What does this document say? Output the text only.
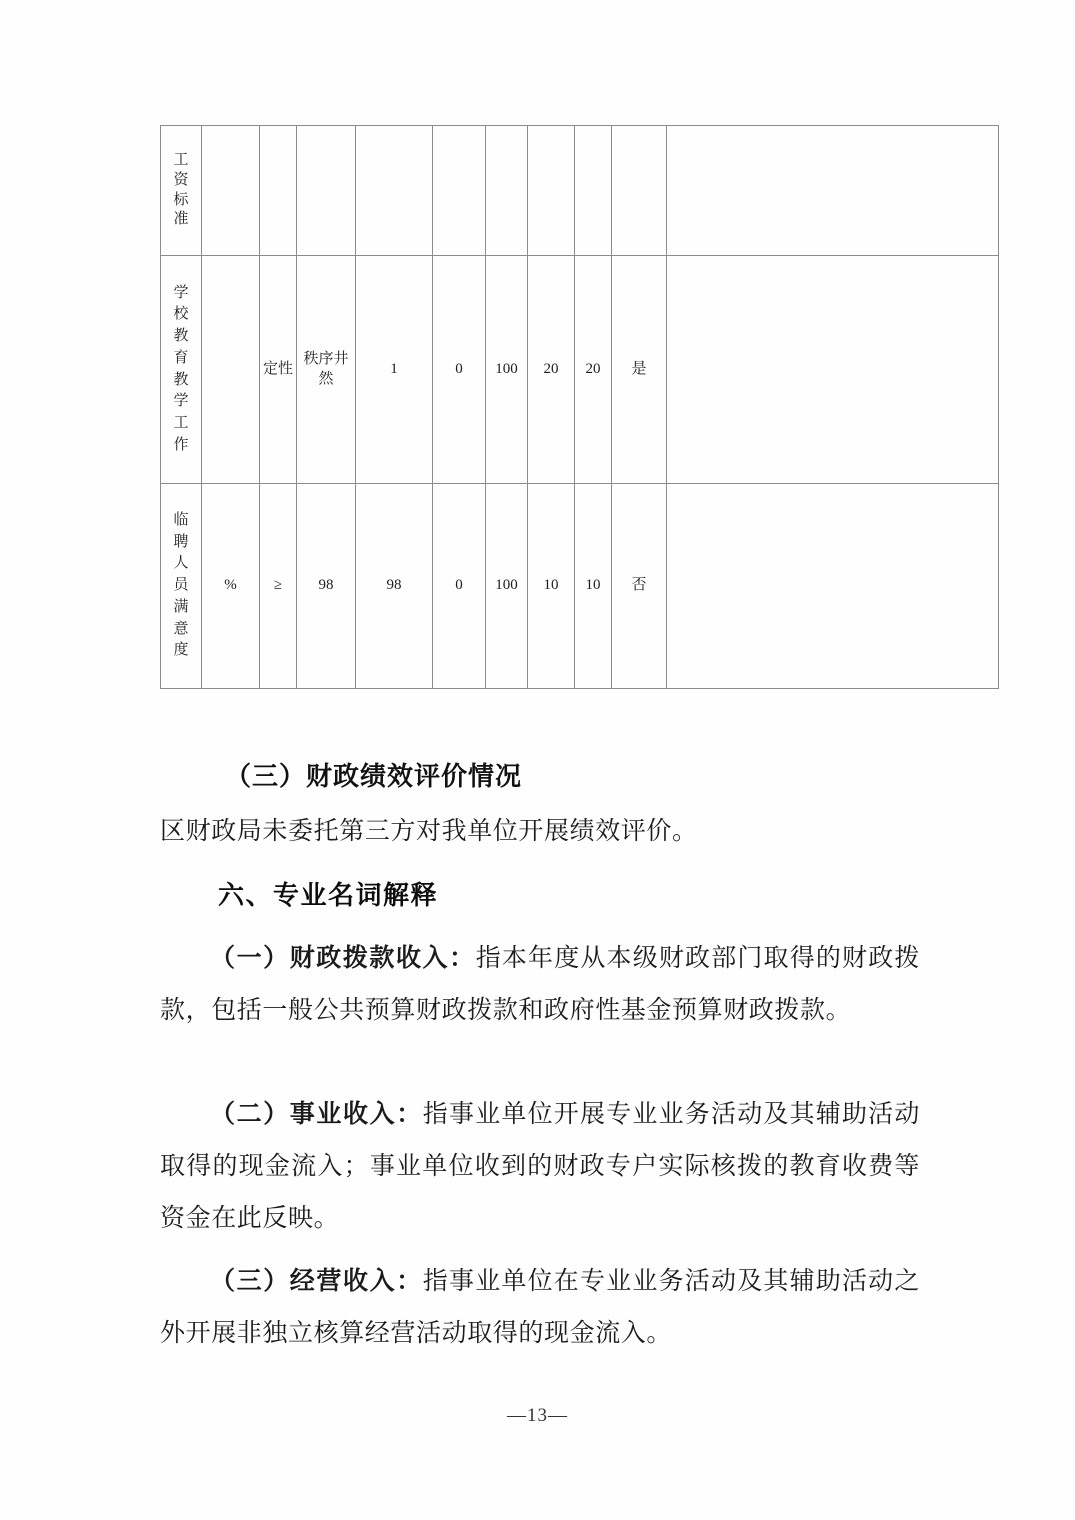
工
资
标
准										

学
校
教
育
教
学
工
作
		定性	秩序井然	1	0	100	20	20	是	

临
聘
人
员
满
意
度
	%	≥	98	98	0	100	10	10	否	
（三）财政绩效评价情况
区财政局未委托第三方对我单位开展绩效评价。
六、专业名词解释
（一）财政拨款收入：指本年度从本级财政部门取得的财政拨款，包括一般公共预算财政拨款和政府性基金预算财政拨款。
（二）事业收入：指事业单位开展专业业务活动及其辅助活动取得的现金流入；事业单位收到的财政专户实际核拨的教育收费等资金在此反映。
（三）经营收入：指事业单位在专业业务活动及其辅助活动之外开展非独立核算经营活动取得的现金流入。
—13—
